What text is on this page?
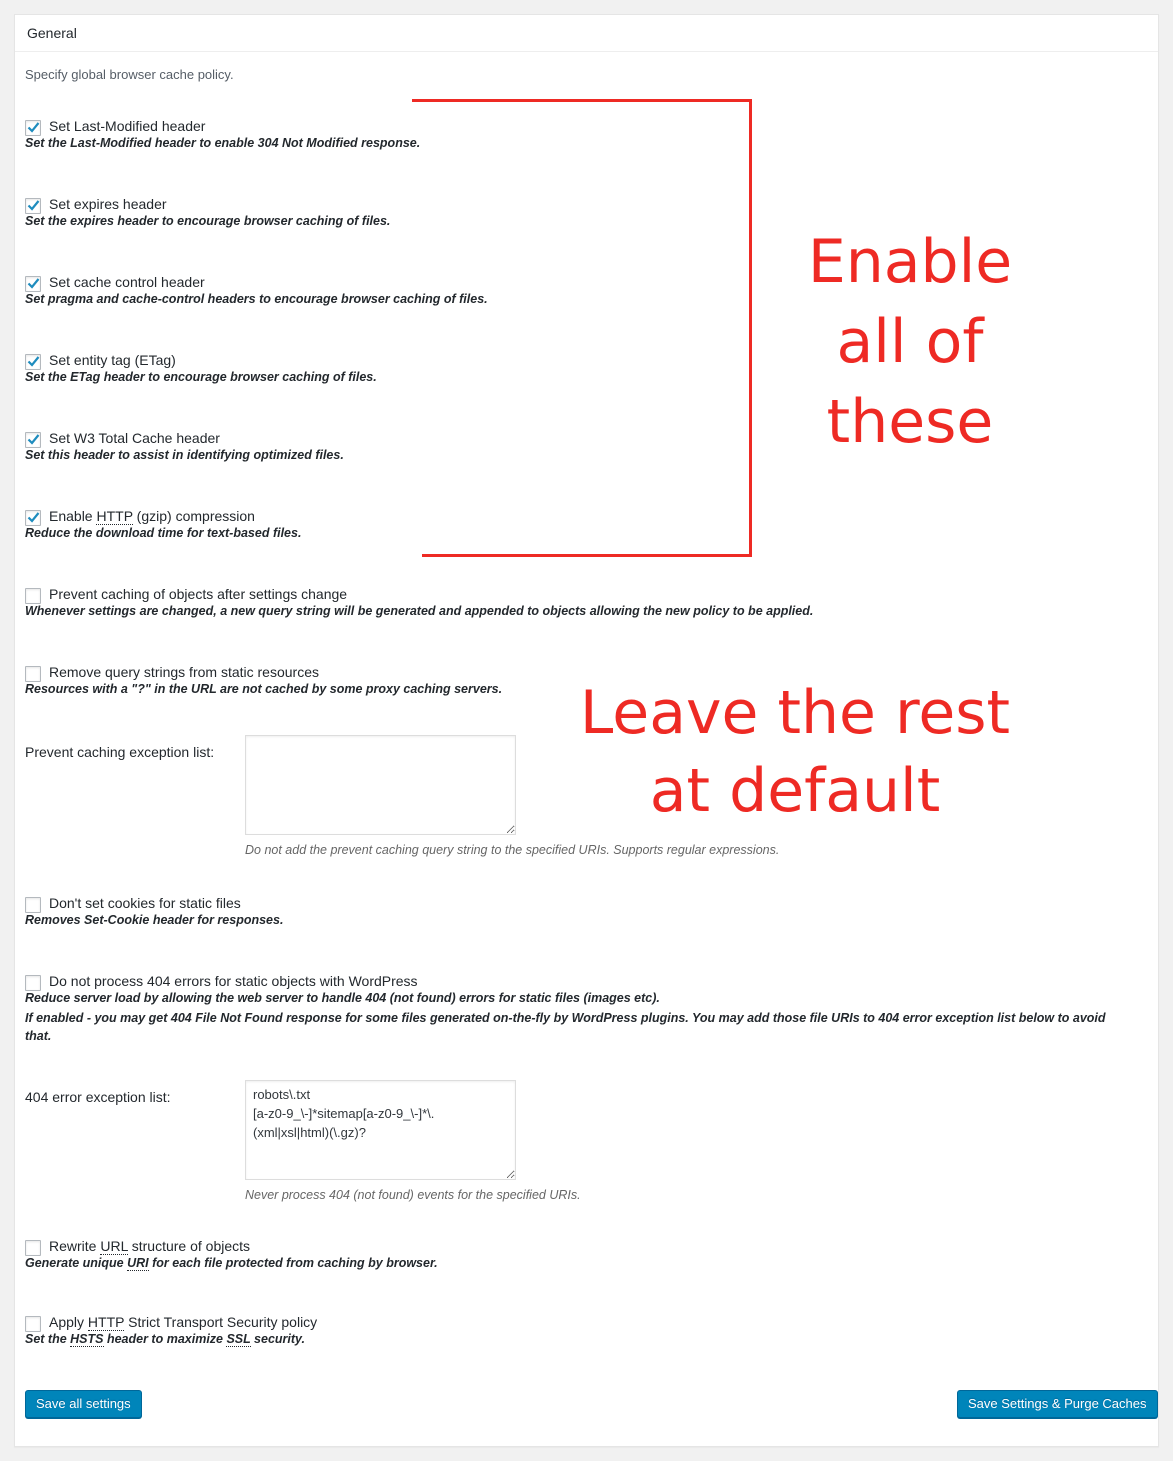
General
Specify global browser cache policy.
Set Last-Modified header
Set the Last-Modified header to enable 304 Not Modified response.
Set expires header
Set the expires header to encourage browser caching of files.
Set cache control header
Set pragma and cache-control headers to encourage browser caching of files.
Set entity tag (ETag)
Set the ETag header to encourage browser caching of files.
Set W3 Total Cache header
Set this header to assist in identifying optimized files.
Enable HTTP (gzip) compression
Reduce the download time for text-based files.
Prevent caching of objects after settings change
Whenever settings are changed, a new query string will be generated and appended to objects allowing the new policy to be applied.
Remove query strings from static resources
Resources with a "?" in the URL are not cached by some proxy caching servers.
Prevent caching exception list:
Do not add the prevent caching query string to the specified URIs. Supports regular expressions.
Don't set cookies for static files
Removes Set-Cookie header for responses.
Do not process 404 errors for static objects with WordPress
Reduce server load by allowing the web server to handle 404 (not found) errors for static files (images etc).
If enabled - you may get 404 File Not Found response for some files generated on-the-fly by WordPress plugins. You may add those file URIs to 404 error exception list below to avoid that.
404 error exception list:
robots\.txt [a-z0-9_\-]*sitemap[a-z0-9_\-]*\.(xml|xsl|html)(\.gz)?
Never process 404 (not found) events for the specified URIs.
Rewrite URL structure of objects
Generate unique URI for each file protected from caching by browser.
Apply HTTP Strict Transport Security policy
Set the HSTS header to maximize SSL security.
Save all settings	Save Settings & Purge Caches
Enable
all of
these
Leave the rest
at default
